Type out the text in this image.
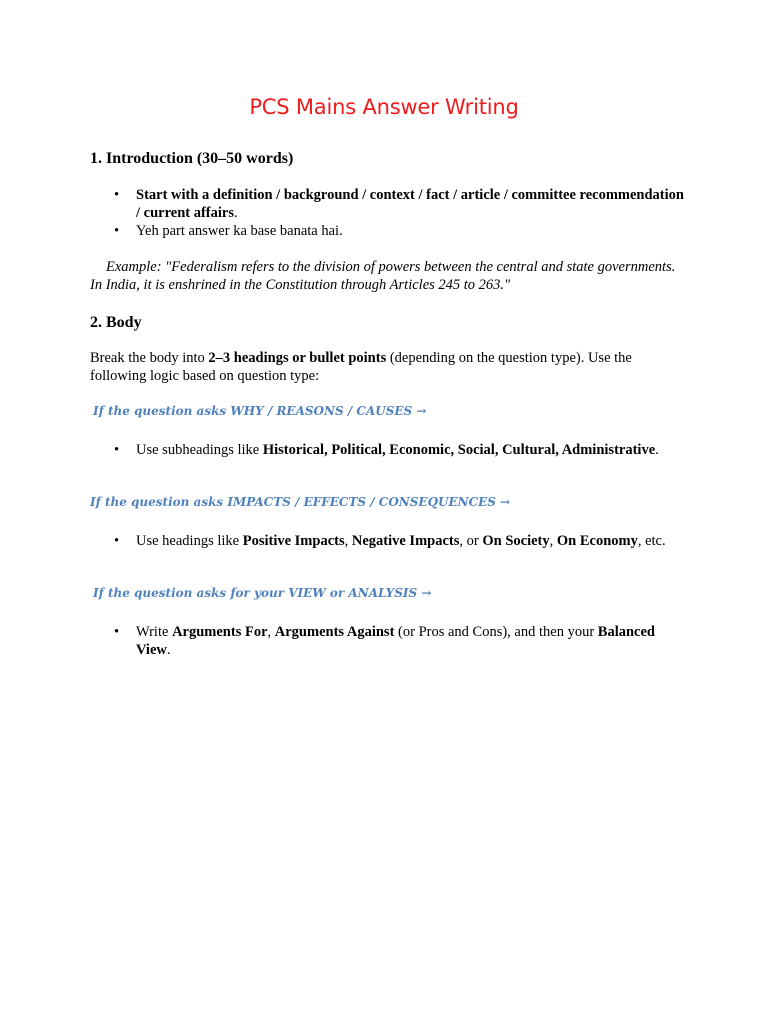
PCS Mains Answer Writing
1. Introduction (30–50 words)
• Start with a definition / background / context / fact / article / committee recommendation / current affairs.
• Yeh part answer ka base banata hai.

Example: "Federalism refers to the division of powers between the central and state governments. In India, it is enshrined in the Constitution through Articles 245 to 263."

2. Body

Break the body into 2–3 headings or bullet points (depending on the question type). Use the following logic based on question type:

If the question asks WHY / REASONS / CAUSES →

• Use subheadings like Historical, Political, Economic, Social, Cultural, Administrative.

If the question asks IMPACTS / EFFECTS / CONSEQUENCES →

• Use headings like Positive Impacts, Negative Impacts, or On Society, On Economy, etc.

If the question asks for your VIEW or ANALYSIS →

• Write Arguments For, Arguments Against (or Pros and Cons), and then your Balanced View.
